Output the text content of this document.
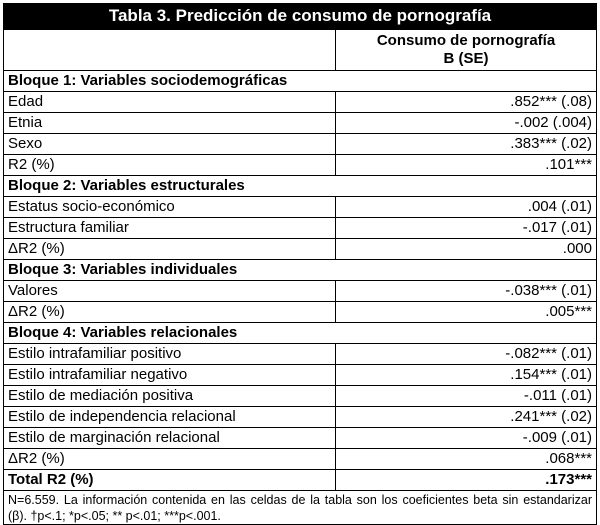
Tabla 3. Predicción de consumo de pornografía
	Consumo de pornografía
B (SE)
Bloque 1: Variables sociodemográficas	
Edad	.852*** (.08)
Etnia	-.002 (.004)
Sexo	.383*** (.02)
R2 (%)	.101***
Bloque 2: Variables estructurales	
Estatus socio-económico	.004 (.01)
Estructura familiar	-.017 (.01)
ΔR2 (%)	.000
Bloque 3: Variables individuales	
Valores	-.038*** (.01)
ΔR2 (%)	.005***
Bloque 4: Variables relacionales	
Estilo intrafamiliar positivo	-.082*** (.01)
Estilo intrafamiliar negativo	.154*** (.01)
Estilo de mediación positiva	-.011 (.01)
Estilo de independencia relacional	.241*** (.02)
Estilo de marginación relacional	-.009 (.01)
ΔR2 (%)	.068***
Total R2 (%)	.173***
N=6.559. La información contenida en las celdas de la tabla son los coeficientes beta sin estandarizar (β). †p<.1; *p<.05; ** p<.01; ***p<.001.
